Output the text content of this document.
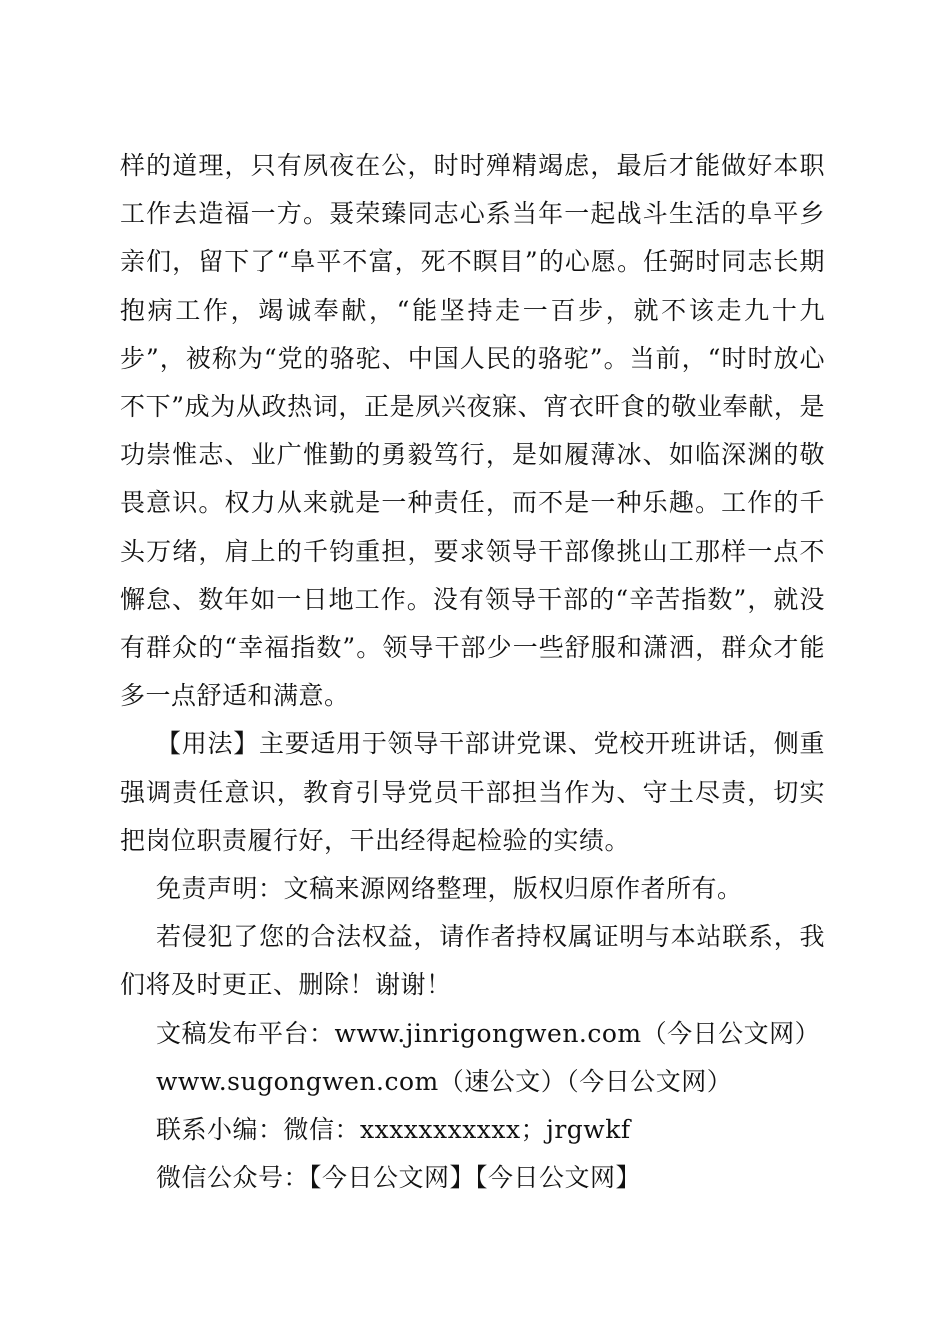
样的道理，只有夙夜在公，时时殚精竭虑，最后才能做好本职工作去造福一方。聂荣臻同志心系当年一起战斗生活的阜平乡亲们，留下了“阜平不富，死不瞑目”的心愿。任弼时同志长期抱病工作，竭诚奉献，“能坚持走一百步，就不该走九十九步”，被称为“党的骆驼、中国人民的骆驼”。当前，“时时放心不下”成为从政热词，正是夙兴夜寐、宵衣旰食的敬业奉献，是功崇惟志、业广惟勤的勇毅笃行，是如履薄冰、如临深渊的敬畏意识。权力从来就是一种责任，而不是一种乐趣。工作的千头万绪，肩上的千钧重担，要求领导干部像挑山工那样一点不懈怠、数年如一日地工作。没有领导干部的“辛苦指数”，就没有群众的“幸福指数”。领导干部少一些舒服和潇洒，群众才能多一点舒适和满意。

【用法】主要适用于领导干部讲党课、党校开班讲话，侧重强调责任意识，教育引导党员干部担当作为、守土尽责，切实把岗位职责履行好，干出经得起检验的实绩。

免责声明：文稿来源网络整理，版权归原作者所有。

若侵犯了您的合法权益，请作者持权属证明与本站联系，我们将及时更正、删除！谢谢！

文稿发布平台：www.jinrigongwen.com（今日公文网）

www.sugongwen.com（速公文）（今日公文网）

联系小编：微信：xxxxxxxxxxx；jrgwkf

微信公众号：【今日公文网】【今日公文网】
